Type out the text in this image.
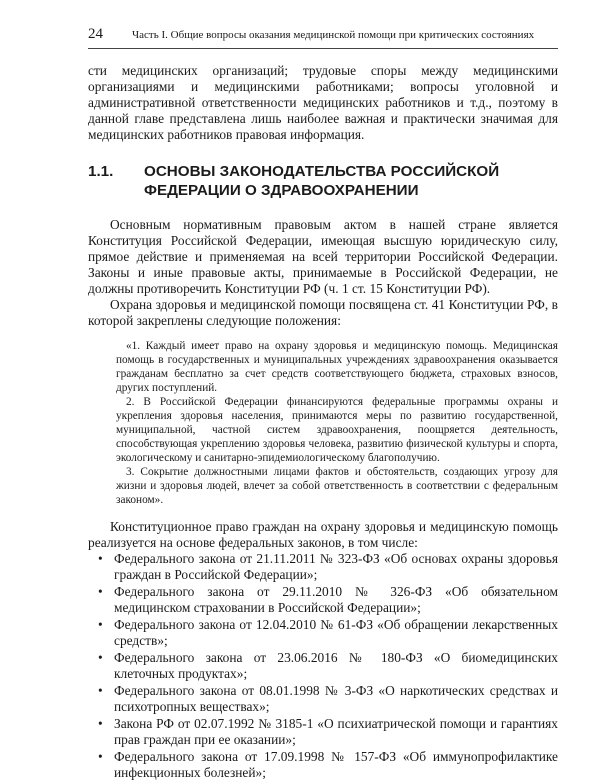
24	Часть I. Общие вопросы оказания медицинской помощи при критических состояниях

сти медицинских организаций; трудовые споры между медицинскими организациями и медицинскими работниками; вопросы уголовной и административной ответственности медицинских работников и т.д., поэтому в данной главе представлена лишь наиболее важная и практически значимая для медицинских работников правовая информация.

1.1.	ОСНОВЫ ЗАКОНОДАТЕЛЬСТВА РОССИЙСКОЙ ФЕДЕРАЦИИ О ЗДРАВООХРАНЕНИИ

Основным нормативным правовым актом в нашей стране является Конституция Российской Федерации, имеющая высшую юридическую силу, прямое действие и применяемая на всей территории Российской Федерации. Законы и иные правовые акты, принимаемые в Российской Федерации, не должны противоречить Конституции РФ (ч. 1 ст. 15 Конституции РФ).

Охрана здоровья и медицинской помощи посвящена ст. 41 Конституции РФ, в которой закреплены следующие положения:

«1. Каждый имеет право на охрану здоровья и медицинскую помощь. Медицинская помощь в государственных и муниципальных учреждениях здравоохранения оказывается гражданам бесплатно за счет средств соответствующего бюджета, страховых взносов, других поступлений.

2. В Российской Федерации финансируются федеральные программы охраны и укрепления здоровья населения, принимаются меры по развитию государственной, муниципальной, частной систем здравоохранения, поощряется деятельность, способствующая укреплению здоровья человека, развитию физической культуры и спорта, экологическому и санитарно-эпидемиологическому благополучию.

3. Сокрытие должностными лицами фактов и обстоятельств, создающих угрозу для жизни и здоровья людей, влечет за собой ответственность в соответствии с федеральным законом».

Конституционное право граждан на охрану здоровья и медицинскую помощь реализуется на основе федеральных законов, в том числе:

• Федерального закона от 21.11.2011 № 323-ФЗ «Об основах охраны здоровья граждан в Российской Федерации»;
• Федерального закона от 29.11.2010 № 326-ФЗ «Об обязательном медицинском страховании в Российской Федерации»;
• Федерального закона от 12.04.2010 № 61-ФЗ «Об обращении лекарственных средств»;
• Федерального закона от 23.06.2016 № 180-ФЗ «О биомедицинских клеточных продуктах»;
• Федерального закона от 08.01.1998 № 3-ФЗ «О наркотических средствах и психотропных веществах»;
• Закона РФ от 02.07.1992 № 3185-1 «О психиатрической помощи и гарантиях прав граждан при ее оказании»;
• Федерального закона от 17.09.1998 № 157-ФЗ «Об иммунопрофилактике инфекционных болезней»;
